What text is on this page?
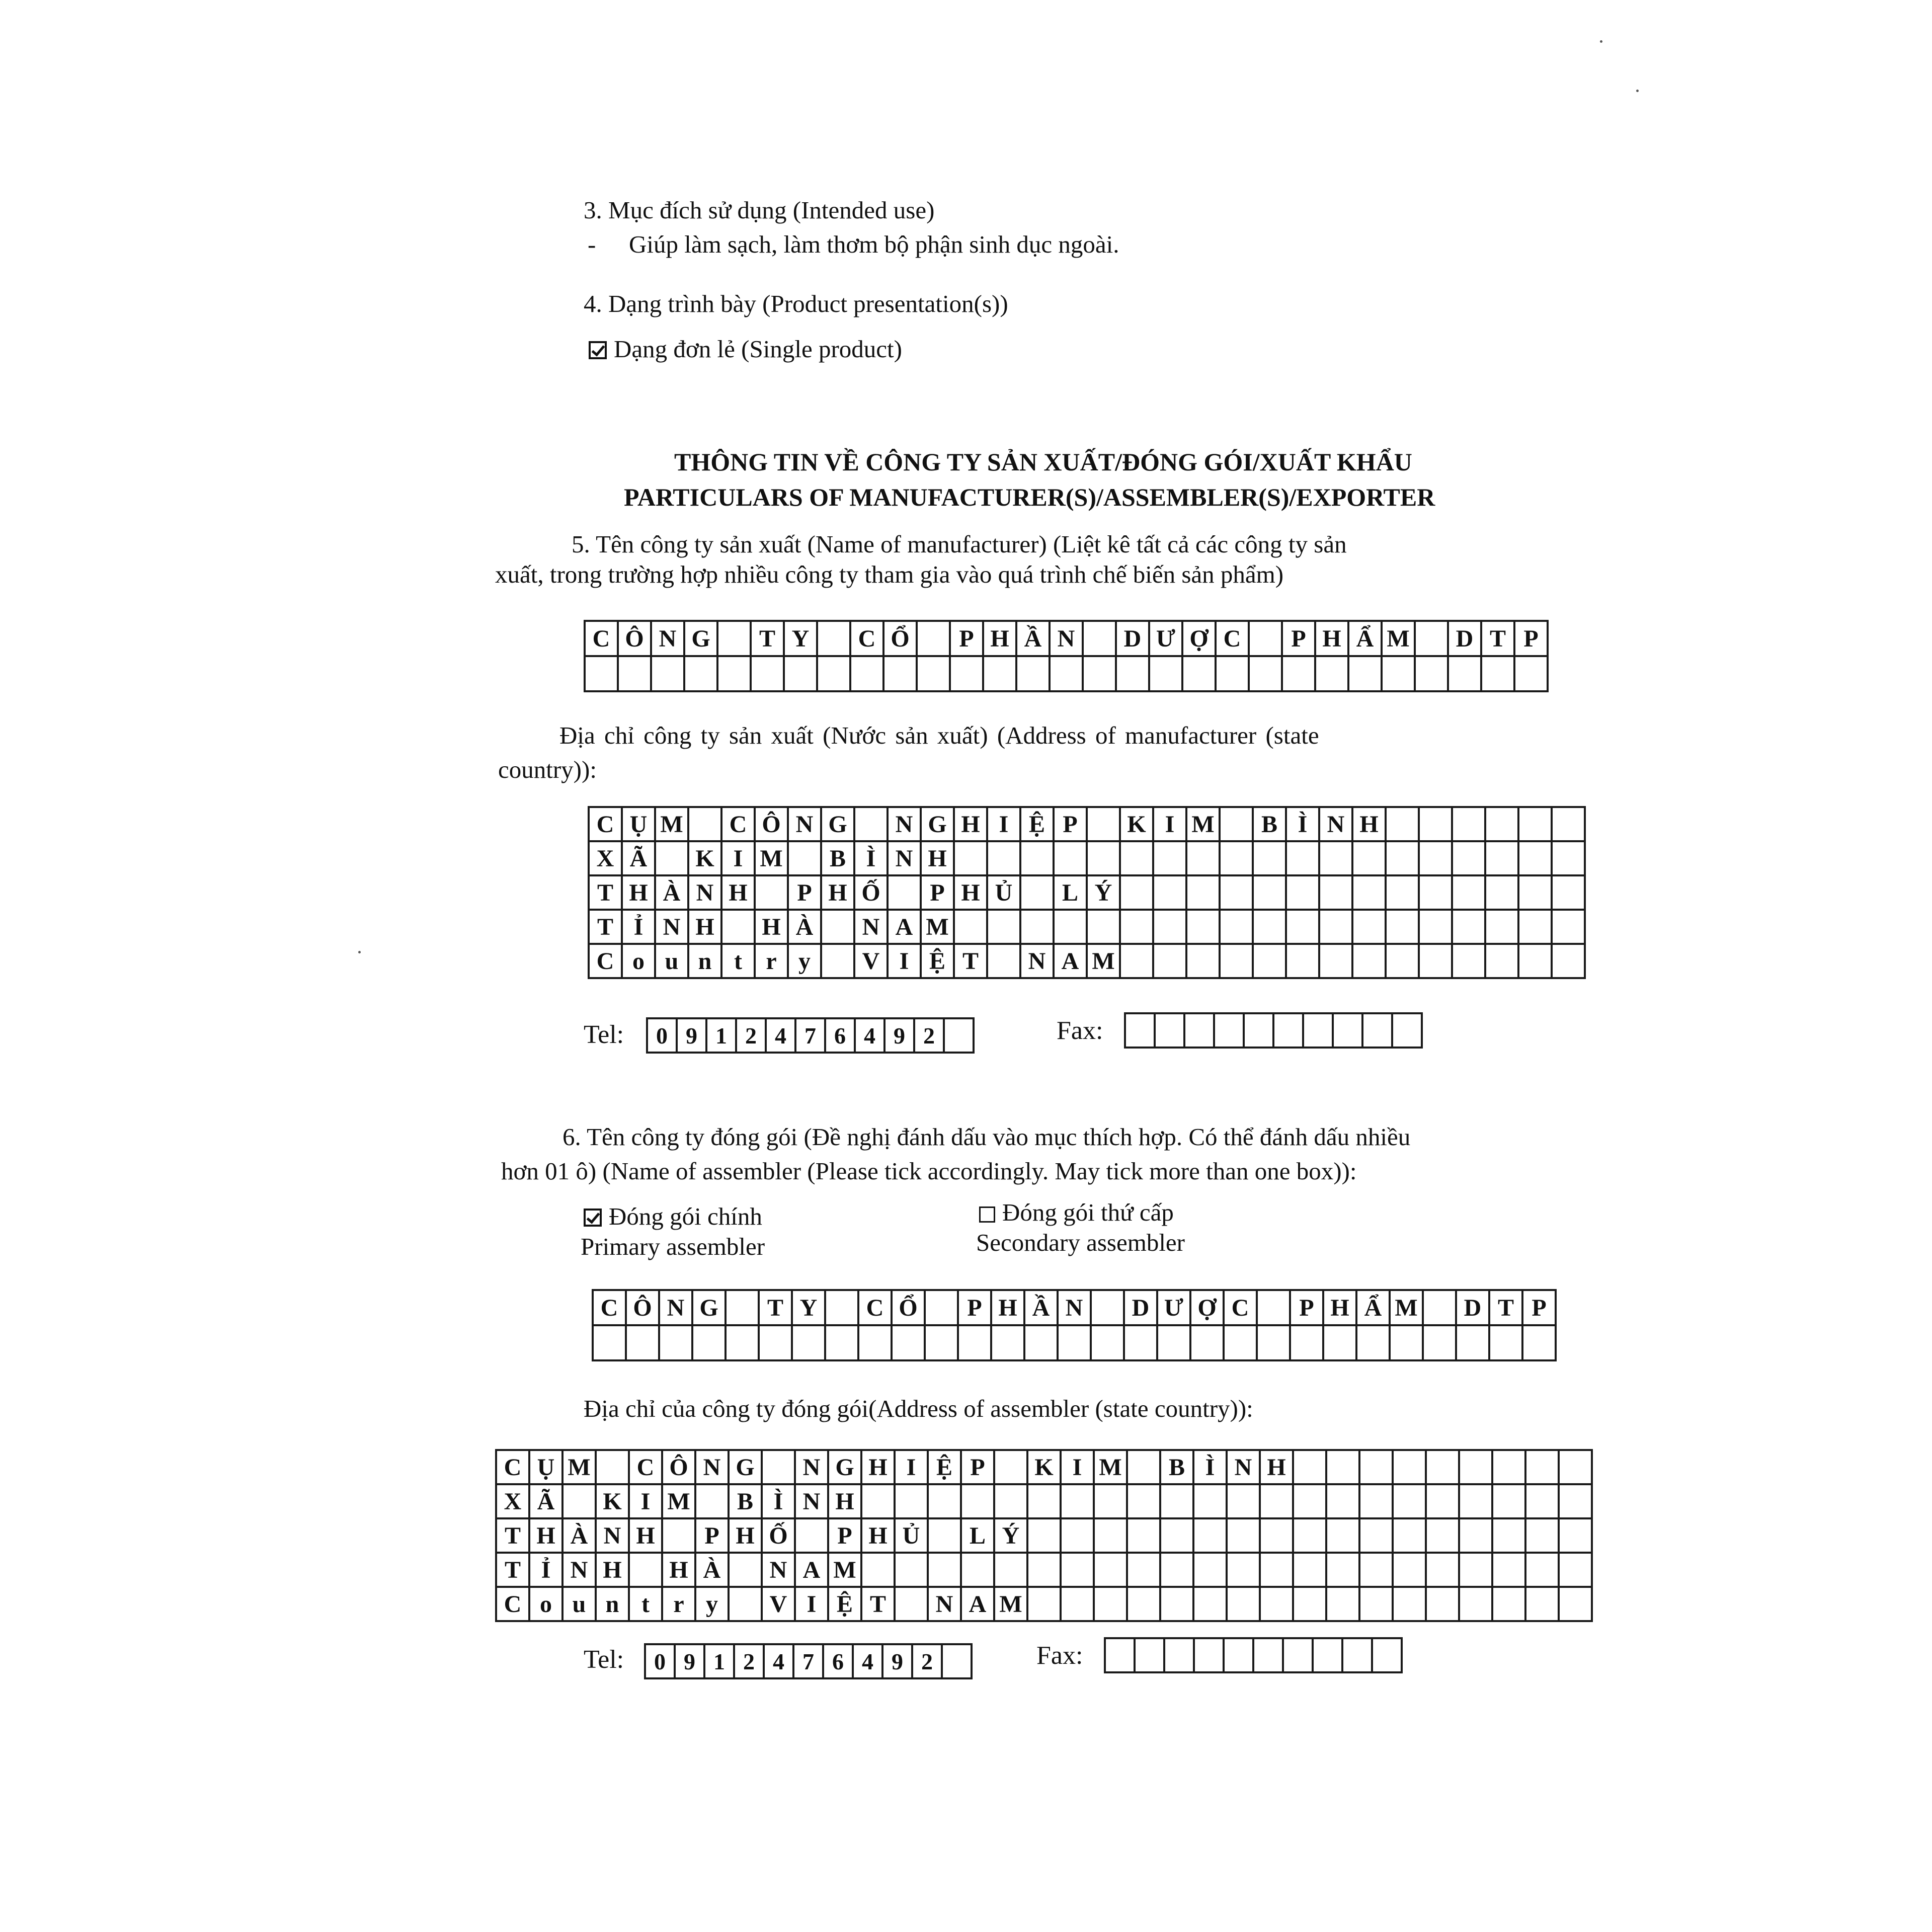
3. Mục đích sử dụng (Intended use)
- Giúp làm sạch, làm thơm bộ phận sinh dục ngoài.
4. Dạng trình bày (Product presentation(s))
Dạng đơn lẻ (Single product)
THÔNG TIN VỀ CÔNG TY SẢN XUẤT/ĐÓNG GÓI/XUẤT KHẨU
PARTICULARS OF MANUFACTURER(S)/ASSEMBLER(S)/EXPORTER
5. Tên công ty sản xuất (Name of manufacturer) (Liệt kê tất cả các công ty sản
xuất, trong trường hợp nhiều công ty tham gia vào quá trình chế biến sản phẩm)
C	Ô	N	G		T	Y		C	Ổ		P	H	Ầ	N		D	Ư	Ợ	C		P	H	Ẩ	M		D	T	P

Địa chỉ công ty sản xuất (Nước sản xuất) (Address of manufacturer (state
country)):
C	Ụ	M		C	Ô	N	G		N	G	H	I	Ệ	P		K	I	M		B	Ì	N	H						
X	Ã		K	I	M		B	Ì	N	H																			
T	H	À	N	H		P	H	Ố		P	H	Ủ		L	Ý														
T	Ỉ	N	H		H	À		N	A	M																			
C	o	u	n	t	r	y		V	I	Ệ	T		N	A	M														
Tel: 0	9	1	2	4	7	6	4	9	2		Fax:

6. Tên công ty đóng gói (Đề nghị đánh dấu vào mục thích hợp. Có thể đánh dấu nhiều
hơn 01 ô) (Name of assembler (Please tick accordingly. May tick more than one box)):
Đóng gói chính
Primary assembler
Đóng gói thứ cấp
Secondary assembler
C	Ô	N	G		T	Y		C	Ổ		P	H	Ầ	N		D	Ư	Ợ	C		P	H	Ẩ	M		D	T	P

Địa chỉ của công ty đóng gói(Address of assembler (state country)):
C	Ụ	M		C	Ô	N	G		N	G	H	I	Ệ	P		K	I	M		B	Ì	N	H									
X	Ã		K	I	M		B	Ì	N	H																						
T	H	À	N	H		P	H	Ố		P	H	Ủ		L	Ý																	
T	Ỉ	N	H		H	À		N	A	M																						
C	o	u	n	t	r	y		V	I	Ệ	T		N	A	M																	
Tel: 0	9	1	2	4	7	6	4	9	2		Fax:
